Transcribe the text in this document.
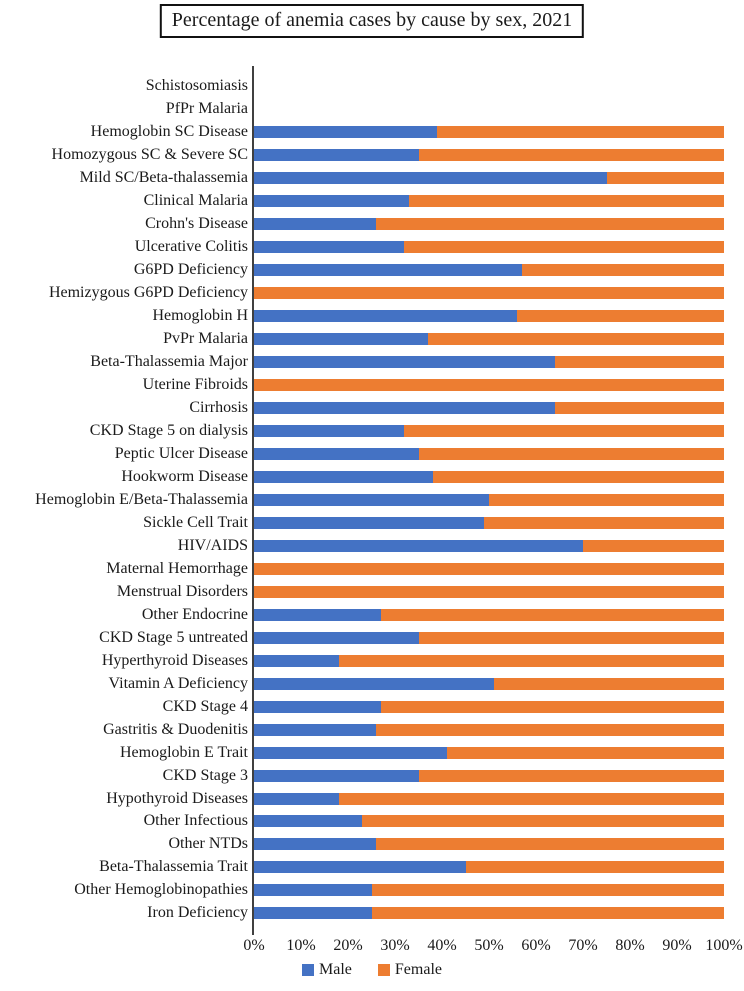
Percentage of anemia cases by cause by sex, 2021
Schistosomiasis
PfPr Malaria
Hemoglobin SC Disease
Homozygous SC & Severe SC
Mild SC/Beta-thalassemia
Clinical Malaria
Crohn's Disease
Ulcerative Colitis
G6PD Deficiency
Hemizygous G6PD Deficiency
Hemoglobin H
PvPr Malaria
Beta-Thalassemia Major
Uterine Fibroids
Cirrhosis
CKD Stage 5 on dialysis
Peptic Ulcer Disease
Hookworm Disease
Hemoglobin E/Beta-Thalassemia
Sickle Cell Trait
HIV/AIDS
Maternal Hemorrhage
Menstrual Disorders
Other Endocrine
CKD Stage 5 untreated
Hyperthyroid Diseases
Vitamin A Deficiency
CKD Stage 4
Gastritis & Duodenitis
Hemoglobin E Trait
CKD Stage 3
Hypothyroid Diseases
Other Infectious
Other NTDs
Beta-Thalassemia Trait
Other Hemoglobinopathies
Iron Deficiency
0%	10%	20%	30%	40%	50%	60%	70%	80%	90% 100%
Male	Female
